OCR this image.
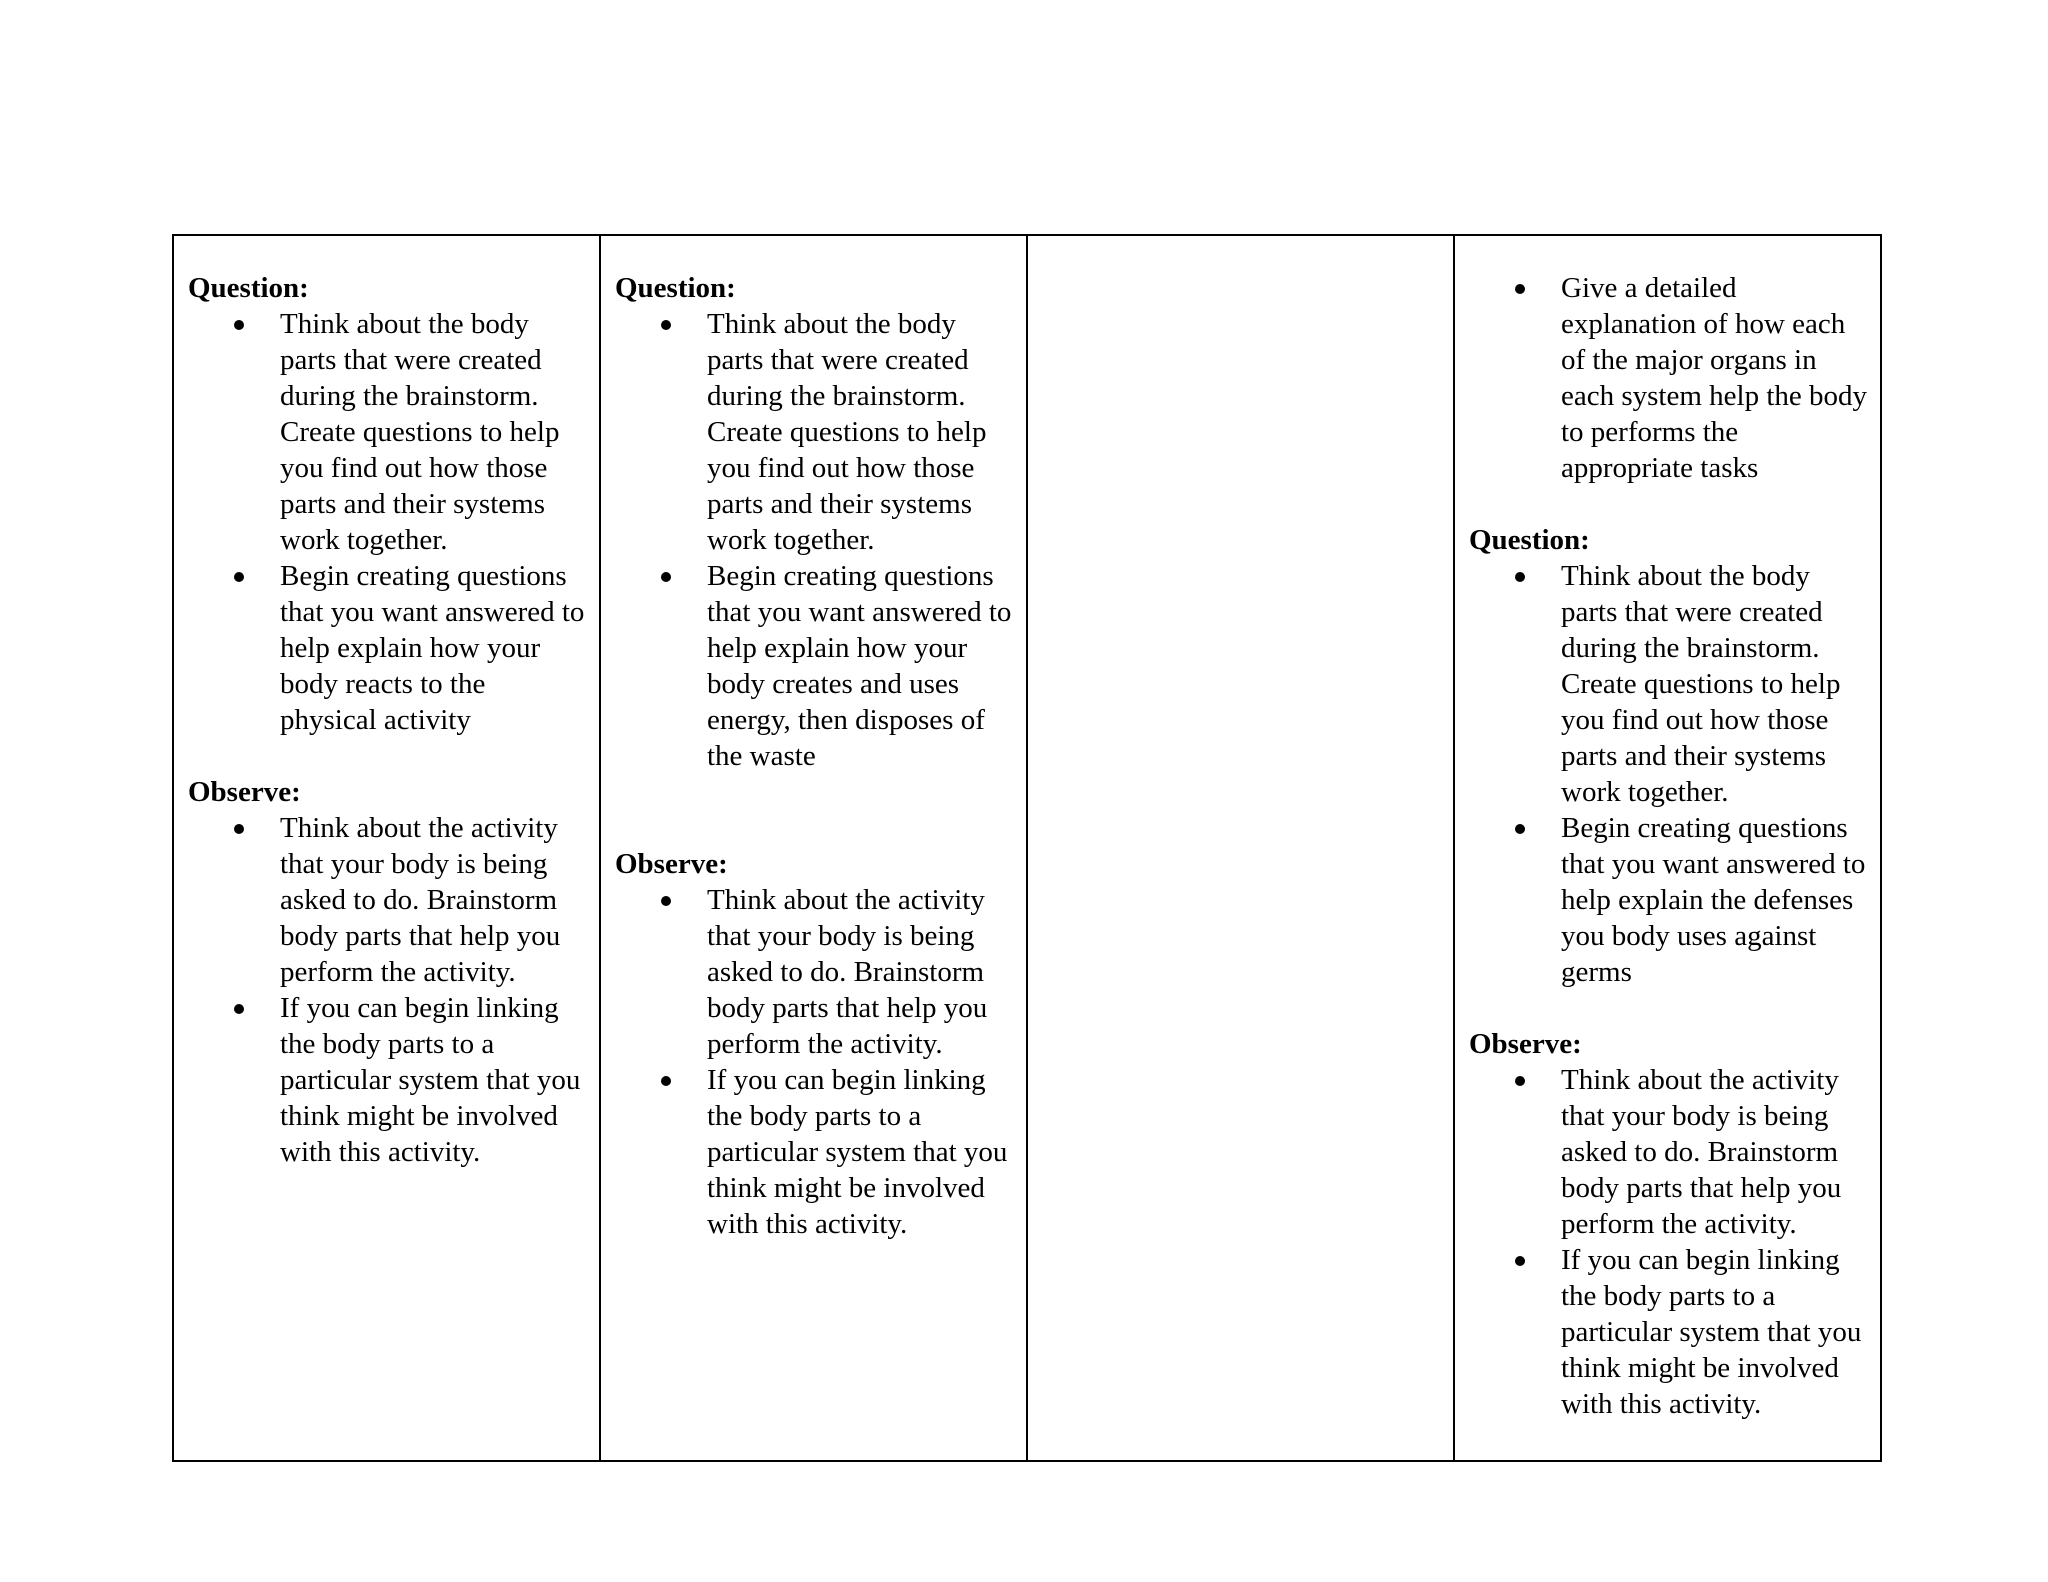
Question:

Think about the body parts that were created during the brainstorm. Create questions to help you find out how those parts and their systems work together.
Begin creating questions that you want answered to help explain how your body reacts to the physical activity

Observe:

Think about the activity that your body is being asked to do. Brainstorm body parts that help you perform the activity.
If you can begin linking the body parts to a particular system that you think might be involved with this activity.

Question:

Think about the body parts that were created during the brainstorm. Create questions to help you find out how those parts and their systems work together.
Begin creating questions that you want answered to help explain how your body creates and uses energy, then disposes of the waste

Observe:

Think about the activity that your body is being asked to do. Brainstorm body parts that help you perform the activity.
If you can begin linking the body parts to a particular system that you think might be involved with this activity.
Give a detailed explanation of how each of the major organs in each system help the body to performs the appropriate tasks

Question:

Think about the body parts that were created during the brainstorm. Create questions to help you find out how those parts and their systems work together.
Begin creating questions that you want answered to help explain the defenses you body uses against germs

Observe:

Think about the activity that your body is being asked to do. Brainstorm body parts that help you perform the activity.
If you can begin linking the body parts to a particular system that you think might be involved with this activity.
